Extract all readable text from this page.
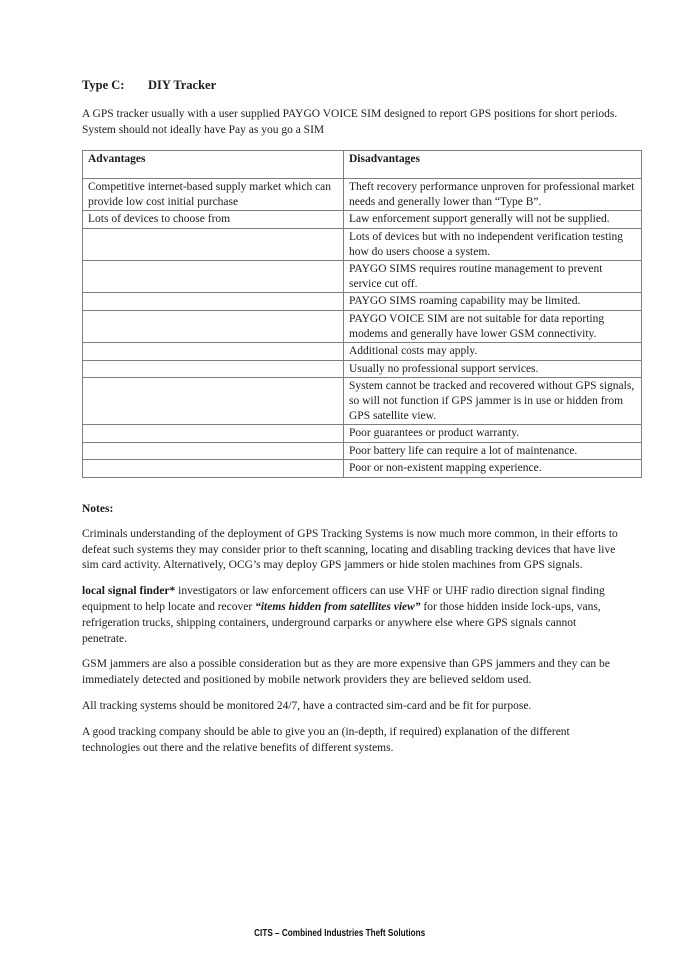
Type C: DIY Tracker
A GPS tracker usually with a user supplied PAYGO VOICE SIM designed to report GPS positions for short periods. System should not ideally have Pay as you go a SIM
Advantages	Disadvantages
Competitive internet-based supply market which can provide low cost initial purchase	Theft recovery performance unproven for professional market needs and generally lower than “Type B”.
Lots of devices to choose from	Law enforcement support generally will not be supplied.
	Lots of devices but with no independent verification testing how do users choose a system.
	PAYGO SIMS requires routine management to prevent service cut off.
	PAYGO SIMS roaming capability may be limited.
	PAYGO VOICE SIM are not suitable for data reporting modems and generally have lower GSM connectivity.
	Additional costs may apply.
	Usually no professional support services.
	System cannot be tracked and recovered without GPS signals, so will not function if GPS jammer is in use or hidden from GPS satellite view.
	Poor guarantees or product warranty.
	Poor battery life can require a lot of maintenance.
	Poor or non-existent mapping experience.
Notes:
Criminals understanding of the deployment of GPS Tracking Systems is now much more common, in their efforts to defeat such systems they may consider prior to theft scanning, locating and disabling tracking devices that have live sim card activity. Alternatively, OCG’s may deploy GPS jammers or hide stolen machines from GPS signals.
local signal finder* investigators or law enforcement officers can use VHF or UHF radio direction signal finding equipment to help locate and recover “items hidden from satellites view” for those hidden inside lock-ups, vans, refrigeration trucks, shipping containers, underground carparks or anywhere else where GPS signals cannot penetrate.
GSM jammers are also a possible consideration but as they are more expensive than GPS jammers and they can be immediately detected and positioned by mobile network providers they are believed seldom used.
All tracking systems should be monitored 24/7, have a contracted sim-card and be fit for purpose.
A good tracking company should be able to give you an (in-depth, if required) explanation of the different technologies out there and the relative benefits of different systems.
CITS – Combined Industries Theft Solutions
